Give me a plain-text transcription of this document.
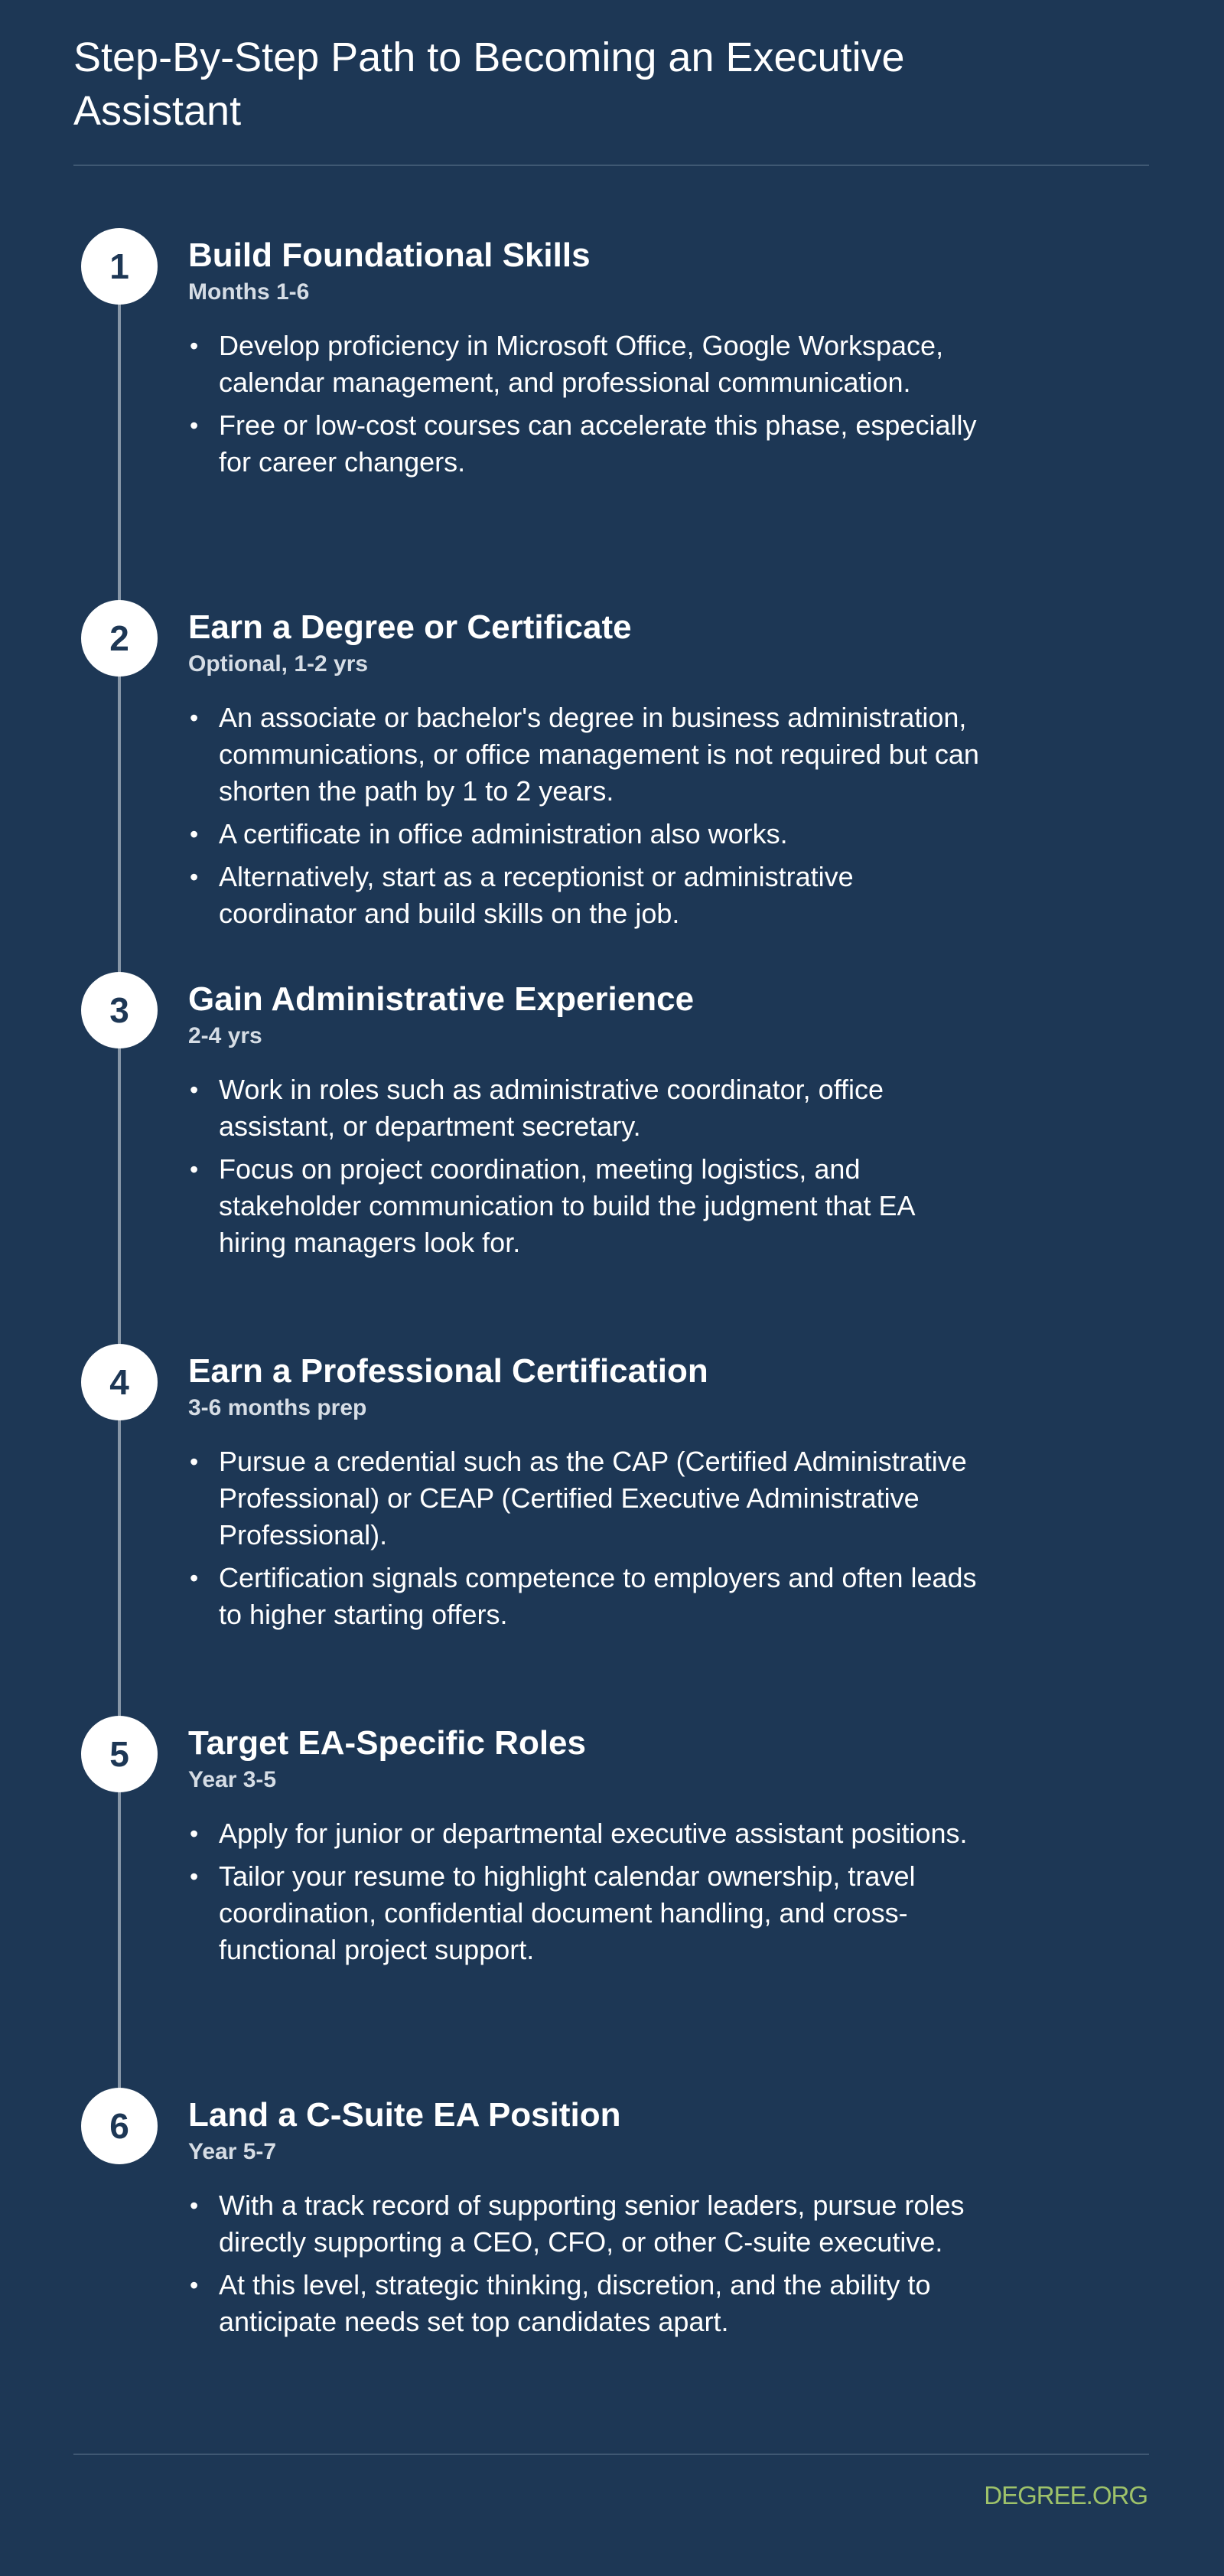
Step-By-Step Path to Becoming an Executive Assistant
1	Build Foundational Skills

Months 1-6

• Develop proficiency in Microsoft Office, Google Workspace, calendar management, and professional communication.
• Free or low-cost courses can accelerate this phase, especially for career changers.
2	Earn a Degree or Certificate

Optional, 1-2 yrs

• An associate or bachelor's degree in business administration, communications, or office management is not required but can shorten the path by 1 to 2 years.
• A certificate in office administration also works.
• Alternatively, start as a receptionist or administrative coordinator and build skills on the job.
3	Gain Administrative Experience

2-4 yrs

• Work in roles such as administrative coordinator, office assistant, or department secretary.
• Focus on project coordination, meeting logistics, and stakeholder communication to build the judgment that EA hiring managers look for.
4	Earn a Professional Certification

3-6 months prep

• Pursue a credential such as the CAP (Certified Administrative Professional) or CEAP (Certified Executive Administrative Professional).
• Certification signals competence to employers and often leads to higher starting offers.
5	Target EA-Specific Roles

Year 3-5

• Apply for junior or departmental executive assistant positions.
• Tailor your resume to highlight calendar ownership, travel coordination, confidential document handling, and cross-functional project support.
6	Land a C-Suite EA Position

Year 5-7

• With a track record of supporting senior leaders, pursue roles directly supporting a CEO, CFO, or other C-suite executive.
• At this level, strategic thinking, discretion, and the ability to anticipate needs set top candidates apart.
DEGREE.ORG
